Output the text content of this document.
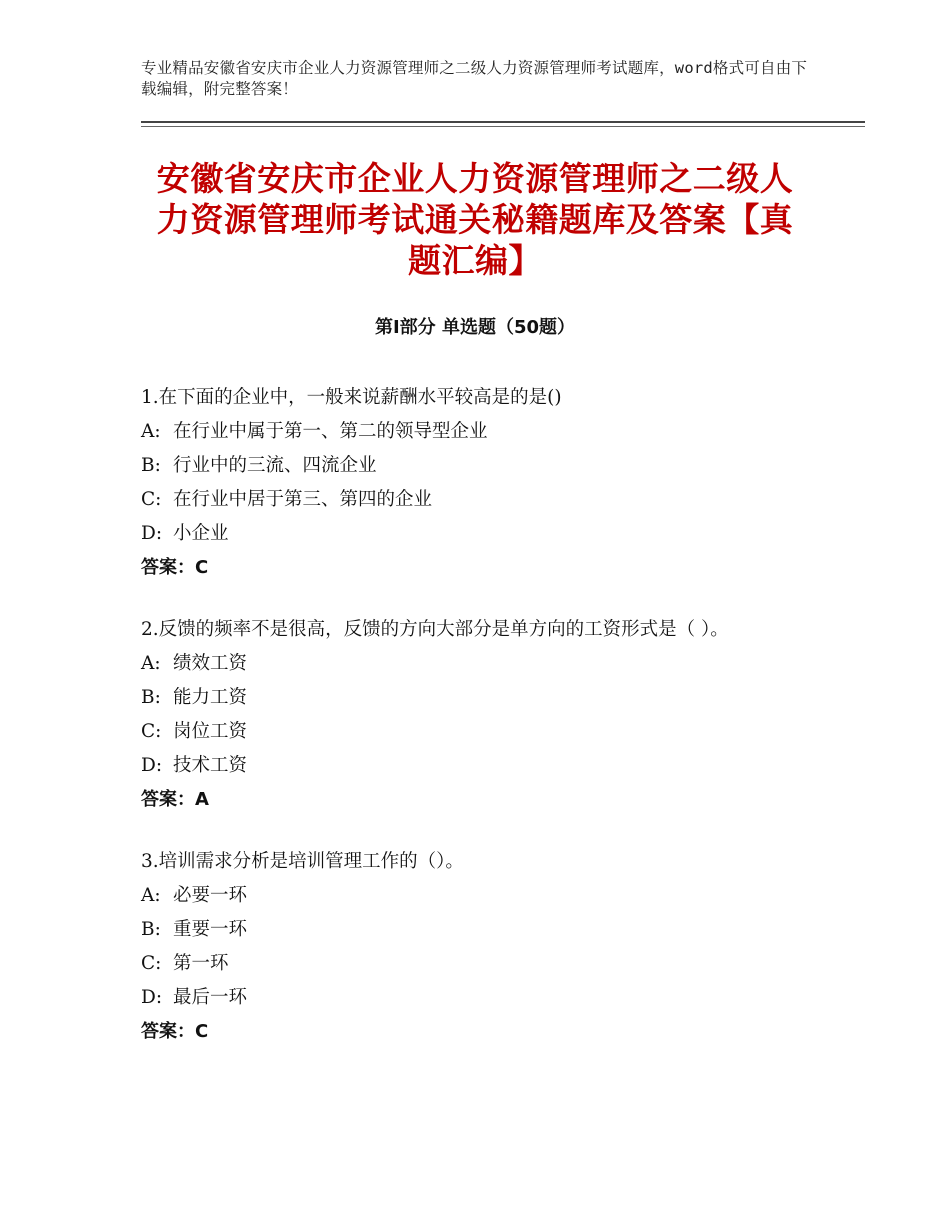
专业精品安徽省安庆市企业人力资源管理师之二级人力资源管理师考试题库，word格式可自由下载编辑，附完整答案！
安徽省安庆市企业人力资源管理师之二级人力资源管理师考试通关秘籍题库及答案【真题汇编】
第Ⅰ部分 单选题（50题）

1.在下面的企业中，一般来说薪酬水平较高是的是()

A: 在行业中属于第一、第二的领导型企业

B: 行业中的三流、四流企业

C: 在行业中居于第三、第四的企业

D: 小企业

答案：C

2.反馈的频率不是很高，反馈的方向大部分是单方向的工资形式是（ ）。

A: 绩效工资

B: 能力工资

C: 岗位工资

D: 技术工资

答案：A

3.培训需求分析是培训管理工作的（）。

A: 必要一环

B: 重要一环

C: 第一环

D: 最后一环

答案：C
